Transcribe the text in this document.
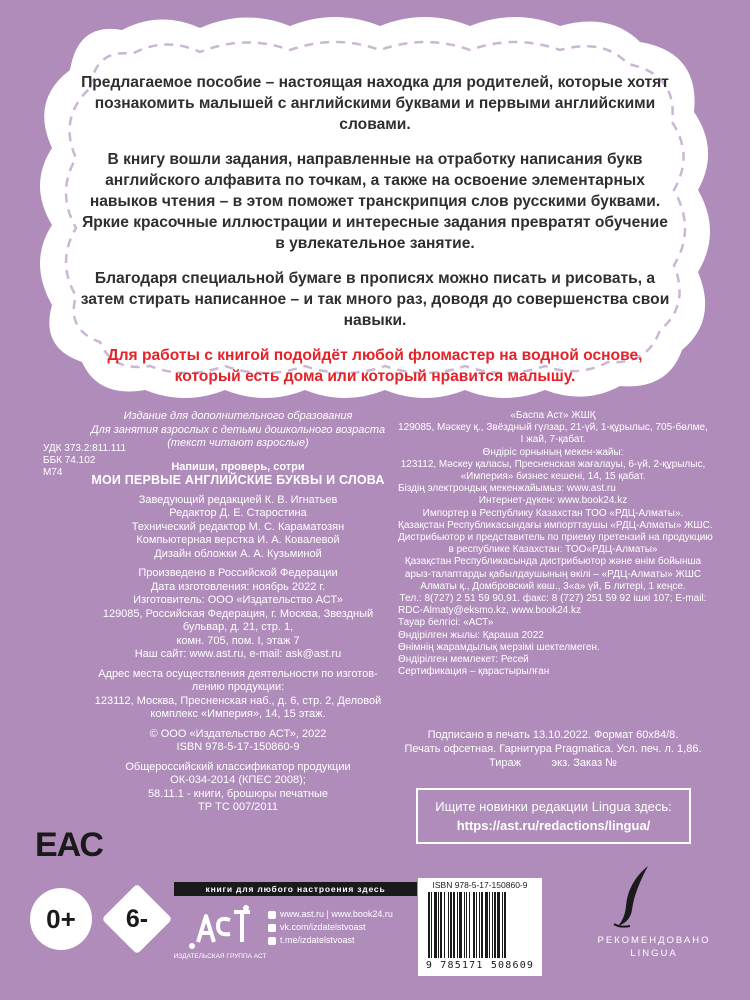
Предлагаемое пособие – настоящая находка для родителей, которые хотят познакомить малышей с английскими буквами и первыми английскими словами.

В книгу вошли задания, направленные на отработку написания букв английского алфавита по точкам, а также на освоение элементарных навыков чтения – в этом поможет транскрипция слов русскими буквами. Яркие красочные иллюстрации и интересные задания превратят обучение в увлекательное занятие.

Благодаря специальной бумаге в прописях можно писать и рисовать, а затем стирать написанное – и так много раз, доводя до совершенства свои навыки.

Для работы с книгой подойдёт любой фломастер на водной основе, который есть дома или который нравится малышу.

УДК 373.2:811.111
ББК 74.102
М74
Издание для дополнительного образования
Для занятия взрослых с детьми дошкольного возраста
(текст читают взрослые)
Напиши, проверь, сотри
МОИ ПЕРВЫЕ АНГЛИЙСКИЕ БУКВЫ И СЛОВА
Заведующий редакцией К. В. Игнатьев
Редактор Д. Е. Старостина
Технический редактор М. С. Караматозян
Компьютерная верстка И. А. Ковалевой
Дизайн обложки А. А. Кузьминой
Произведено в Российской Федерации
Дата изготовления: ноябрь 2022 г.
Изготовитель: ООО «Издательство АСТ»
129085, Российская Федерация, г. Москва, Звездный
бульвар, д. 21, стр. 1,
комн. 705, пом. I, этаж 7
Наш сайт: www.ast.ru, e-mail: ask@ast.ru
Адрес места осуществления деятельности по изготов-
лению продукции:
123112, Москва, Пресненская наб., д. 6, стр. 2, Деловой
комплекс «Империя», 14, 15 этаж.
© ООО «Издательство АСТ», 2022
ISBN 978-5-17-150860-9
Общероссийский классификатор продукции
ОК-034-2014 (КПЕС 2008);
58.11.1 - книги, брошюры печатные
ТР ТС 007/2011
«Баспа Аст» ЖШҚ
129085, Мәскеу қ., Звёздный гүлзар, 21-үй, 1-құрылыс, 705-бөлме,
I жай, 7-қабат.
Өндіріс орнының мекен-жайы:
123112, Мәскеу қаласы, Пресненская жағалауы, 6-үй, 2-құрылыс,
«Империя» бизнес кешені, 14, 15 қабат.
Біздің электрондық мекенжайымыз: www.ast.ru
Интернет-дүкен: www.book24.kz
Импортер в Республику Казахстан ТОО «РДЦ-Алматы».
Қазақстан Республикасындағы импорттаушы «РДЦ-Алматы» ЖШС.
Дистрибьютор и представитель по приему претензий на продукцию
в республике Казахстан: ТОО«РДЦ-Алматы»
Қазақстан Республикасында дистрибьютор және өнім бойынша
арыз-талаптарды қабылдаушының өкілі – «РДЦ-Алматы» ЖШС
Алматы қ., Домбровский көш., 3«а» үй, Б литері, 1 кеңсе.
Тел.: 8(727) 2 51 59 90,91. факс: 8 (727) 251 59 92 ішкі 107; E-mail:
RDC-Almaty@eksmo.kz, www.book24.kz
Тауар белгісі: «АСТ»
Өндірілген жылы: Қараша 2022
Өнімнің жарамдылық мерзімі шектелмеген.
Өндірілген мемлекет: Ресей
Сертификация – қарастырылған
Подписано в печать 13.10.2022. Формат 60х84/8.
Печать офсетная. Гарнитура Pragmatica. Усл. печ. л. 1,86.
Тираж          экз. Заказ №
Ищите новинки редакции Lingua здесь:
https://ast.ru/redactions/lingua/
ЕАС
0+	6-
книги для любого настроения здесь
ИЗДАТЕЛЬСКАЯ ГРУППА АСТ
www.ast.ru | www.book24.ru
vk.com/izdatelstvoast
t.me/izdatelstvoast
ISBN 978-5-17-150860-9
9 785171 508609
РЕКОМЕНДОВАНО
LINGUA
